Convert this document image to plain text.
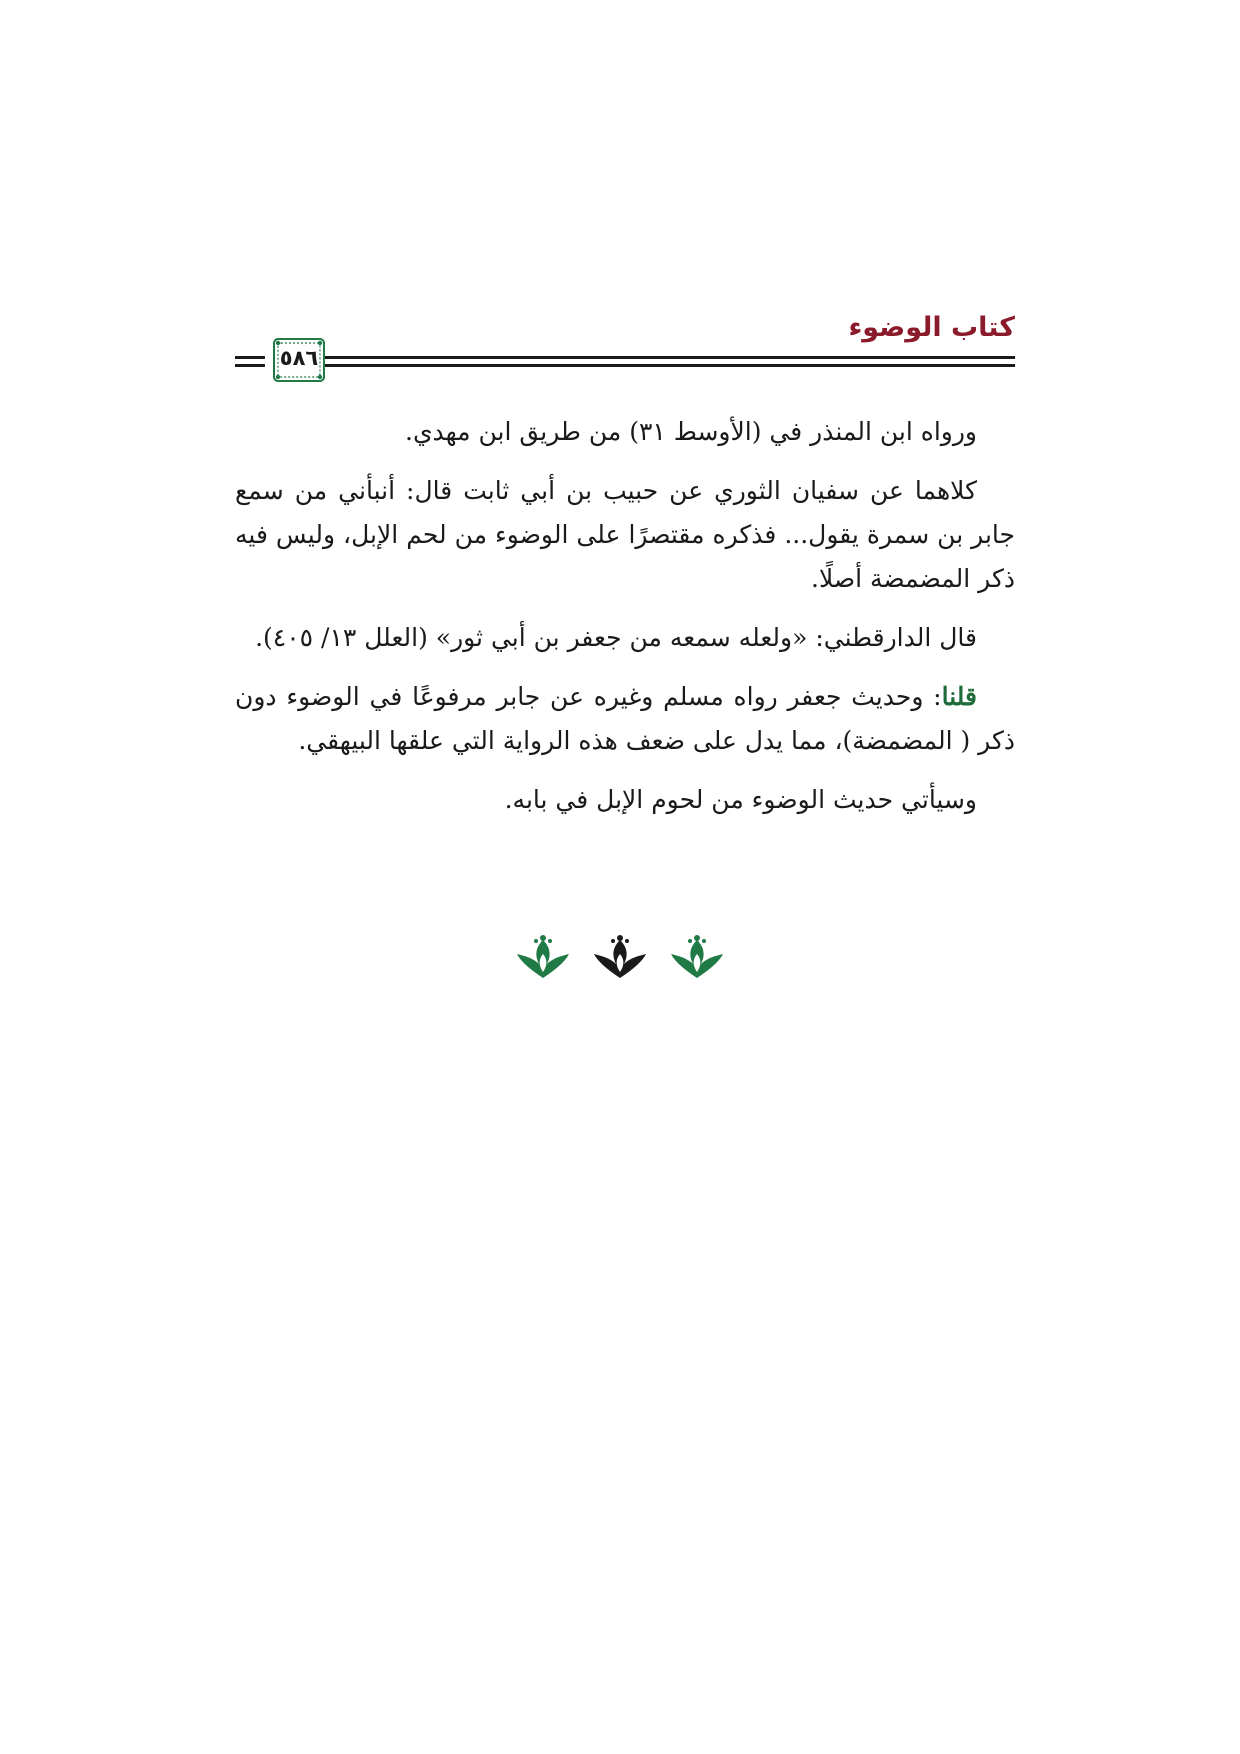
كتاب الوضوء
٥٨٦

ورواه ابن المنذر في (الأوسط ٣١) من طريق ابن مهدي.

كلاهما عن سفيان الثوري عن حبيب بن أبي ثابت قال: أنبأني من سمع جابر بن سمرة يقول... فذكره مقتصرًا على الوضوء من لحم الإبل، وليس فيه ذكر المضمضة أصلًا.

قال الدارقطني: «ولعله سمعه من جعفر بن أبي ثور» (العلل ١٣/ ٤٠٥).

قلنا: وحديث جعفر رواه مسلم وغيره عن جابر مرفوعًا في الوضوء دون ذكر ( المضمضة)، مما يدل على ضعف هذه الرواية التي علقها البيهقي.

وسيأتي حديث الوضوء من لحوم الإبل في بابه.
